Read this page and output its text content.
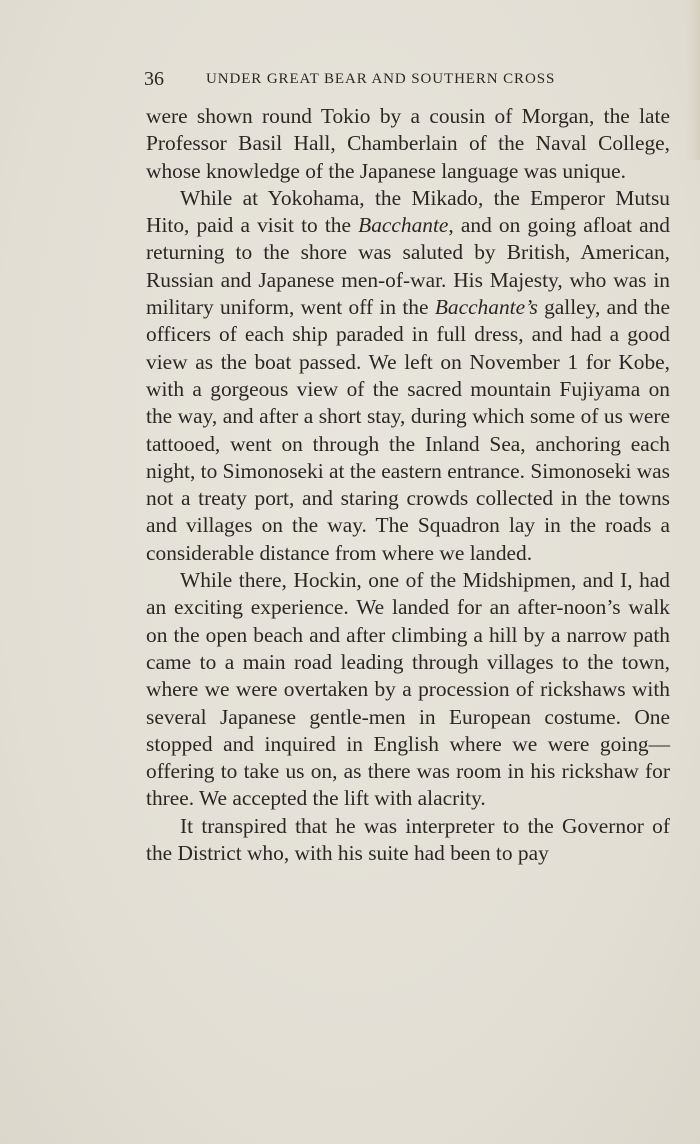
36	UNDER GREAT BEAR AND SOUTHERN CROSS

were shown round Tokio by a cousin of Morgan, the late Professor Basil Hall, Chamberlain of the Naval College, whose knowledge of the Japanese language was unique.

While at Yokohama, the Mikado, the Emperor Mutsu Hito, paid a visit to the Bacchante, and on going afloat and returning to the shore was saluted by British, American, Russian and Japanese men-of-war. His Majesty, who was in military uniform, went off in the Bacchante’s galley, and the officers of each ship paraded in full dress, and had a good view as the boat passed. We left on November 1 for Kobe, with a gorgeous view of the sacred mountain Fujiyama on the way, and after a short stay, during which some of us were tattooed, went on through the Inland Sea, anchoring each night, to Simonoseki at the eastern entrance. Simonoseki was not a treaty port, and staring crowds collected in the towns and villages on the way. The Squadron lay in the roads a considerable distance from where we landed.

While there, Hockin, one of the Midshipmen, and I, had an exciting experience. We landed for an after-noon’s walk on the open beach and after climbing a hill by a narrow path came to a main road leading through villages to the town, where we were overtaken by a procession of rickshaws with several Japanese gentle-men in European costume. One stopped and inquired in English where we were going—offering to take us on, as there was room in his rickshaw for three. We accepted the lift with alacrity.

It transpired that he was interpreter to the Governor of the District who, with his suite had been to pay
